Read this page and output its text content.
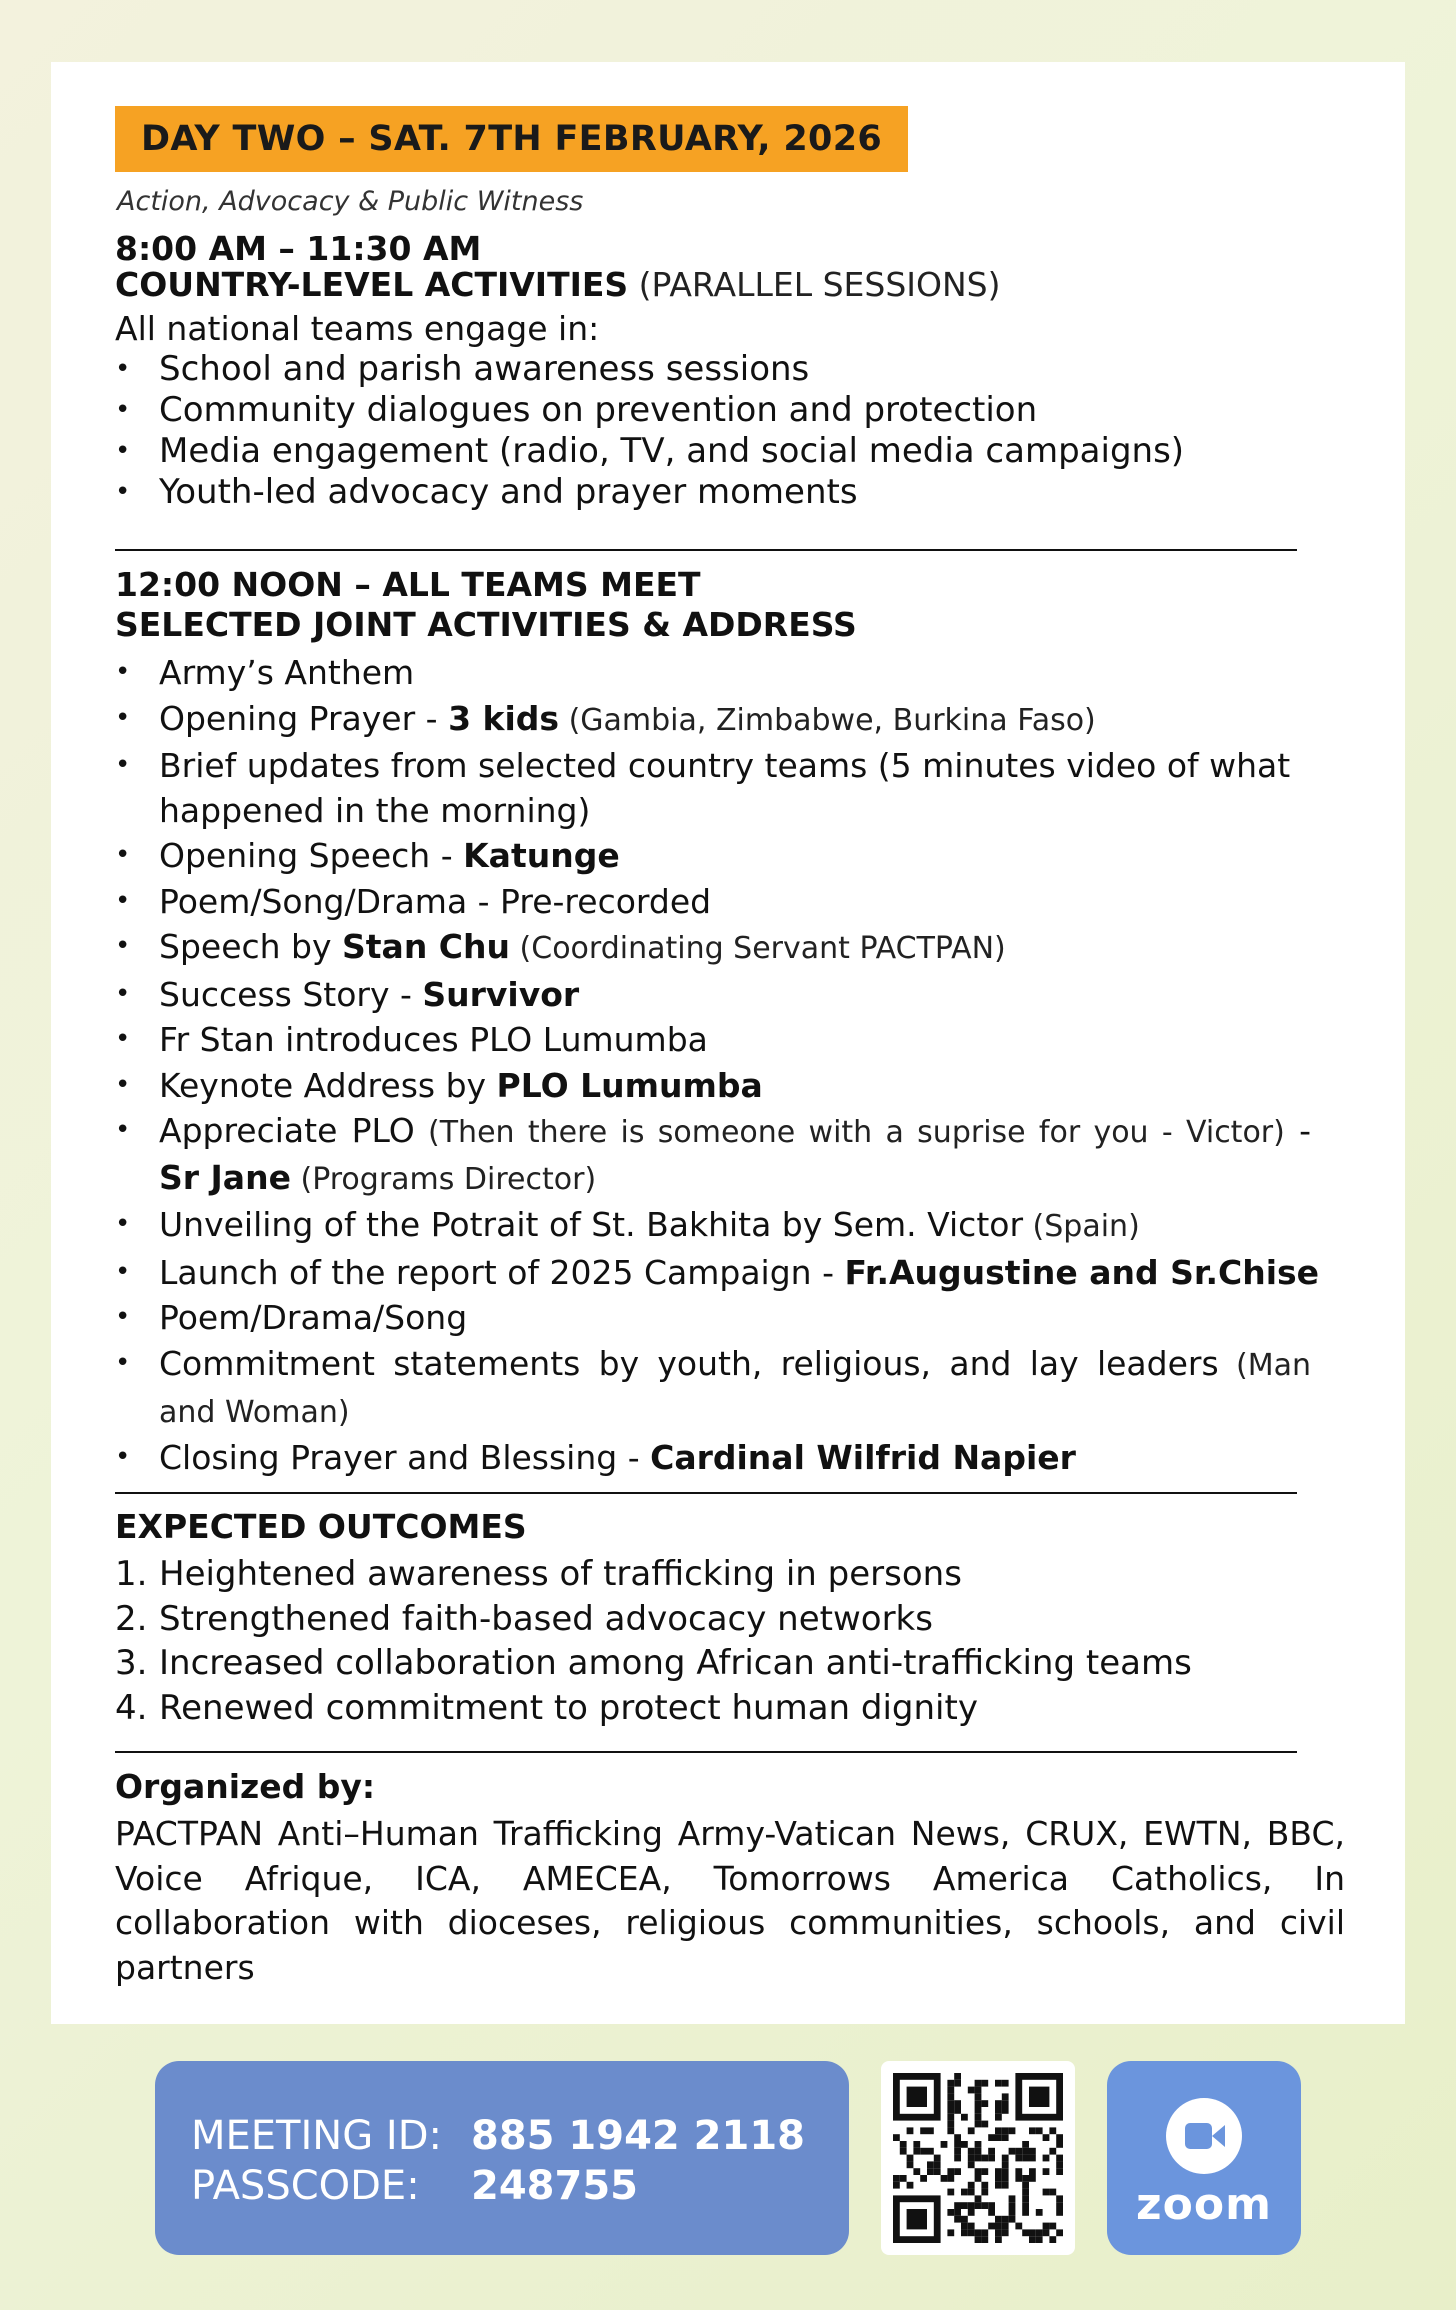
DAY TWO – SAT. 7TH FEBRUARY, 2026
Action, Advocacy & Public Witness
8:00 AM – 11:30 AM
COUNTRY-LEVEL ACTIVITIES (PARALLEL SESSIONS)
All national teams engage in:
• School and parish awareness sessions
• Community dialogues on prevention and protection
• Media engagement (radio, TV, and social media campaigns)
• Youth-led advocacy and prayer moments
12:00 NOON – ALL TEAMS MEET
SELECTED JOINT ACTIVITIES & ADDRESS
• Army’s Anthem
• Opening Prayer - 3 kids (Gambia, Zimbabwe, Burkina Faso)
• Brief updates from selected country teams (5 minutes video of what happened in the morning)
• Opening Speech - Katunge
• Poem/Song/Drama - Pre-recorded
• Speech by Stan Chu (Coordinating Servant PACTPAN)
• Success Story - Survivor
• Fr Stan introduces PLO Lumumba
• Keynote Address by PLO Lumumba
• Appreciate PLO (Then there is someone with a suprise for you - Victor) - Sr Jane (Programs Director)
• Unveiling of the Potrait of St. Bakhita by Sem. Victor (Spain)
• Launch of the report of 2025 Campaign - Fr.Augustine and Sr.Chise
• Poem/Drama/Song
• Commitment statements by youth, religious, and lay leaders (Man and Woman)
• Closing Prayer and Blessing - Cardinal Wilfrid Napier
EXPECTED OUTCOMES
1. Heightened awareness of trafficking in persons
2. Strengthened faith-based advocacy networks
3. Increased collaboration among African anti-trafficking teams
4. Renewed commitment to protect human dignity
Organized by:
PACTPAN Anti–Human Trafficking Army-Vatican News, CRUX, EWTN, BBC, Voice Afrique, ICA, AMECEA, Tomorrows America Catholics, In collaboration with dioceses, religious communities, schools, and civil partners
MEETING ID: 885 1942 2118
PASSCODE: 248755	zoom
